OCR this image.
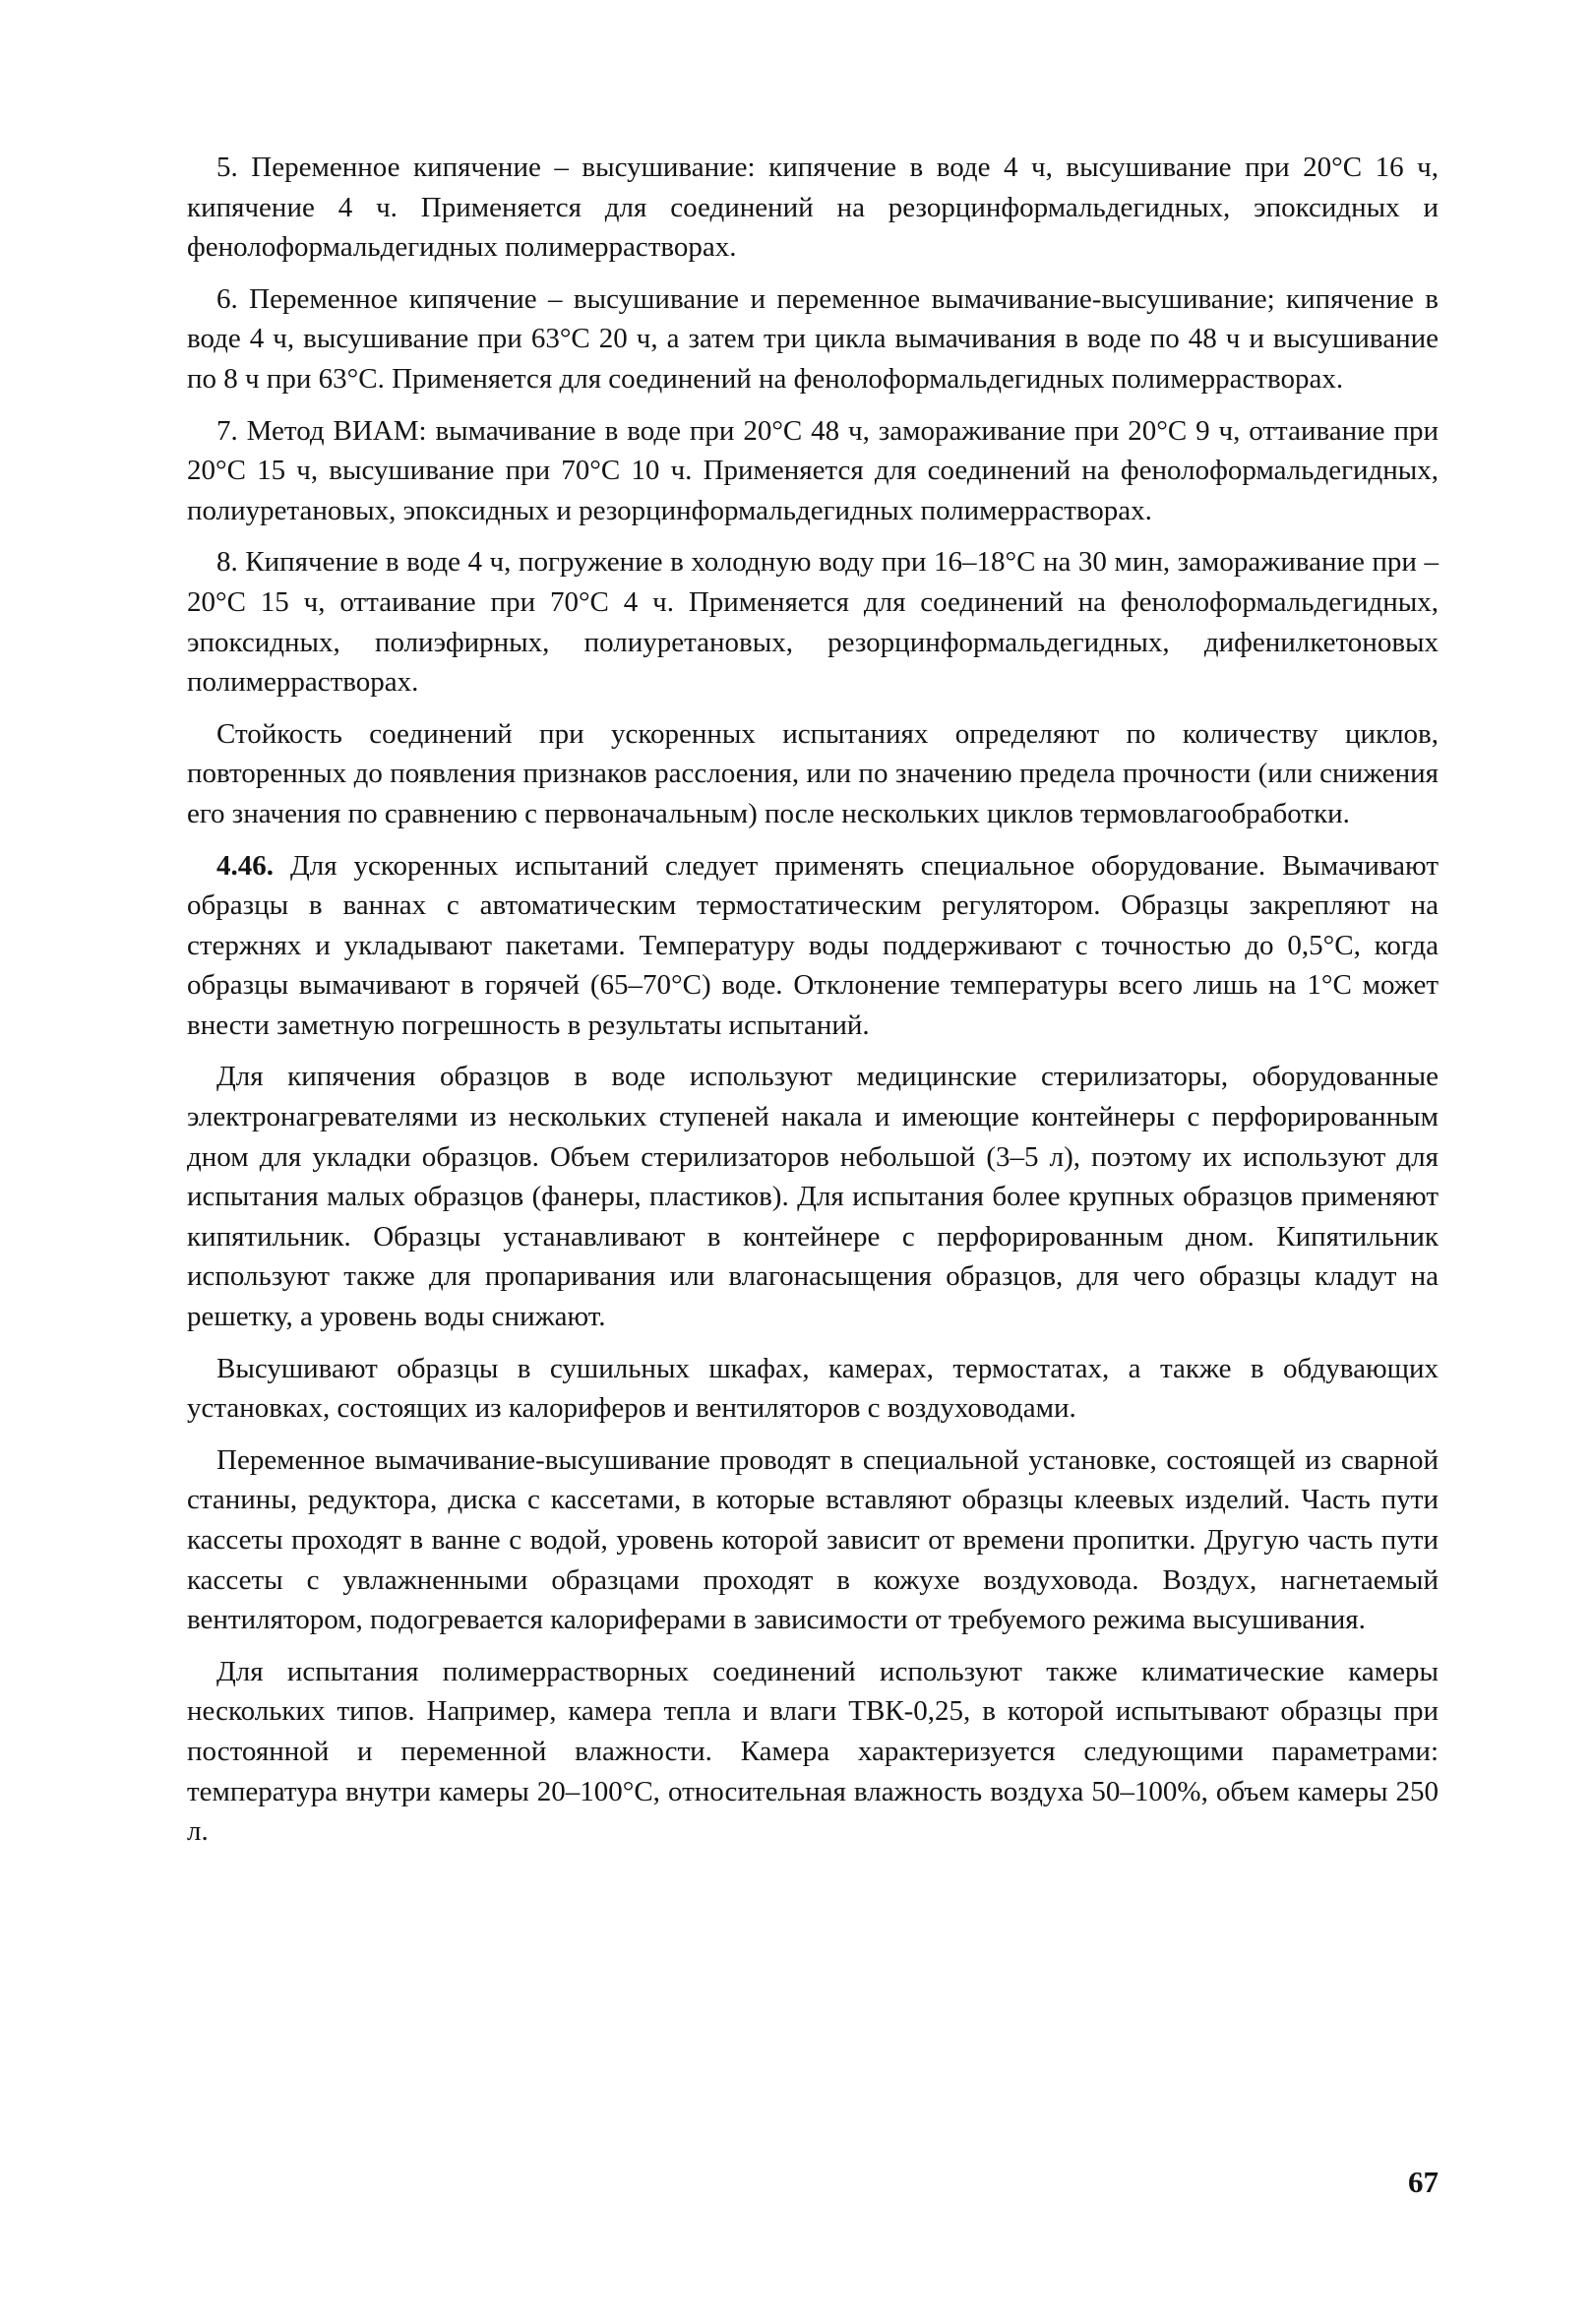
5. Переменное кипячение – высушивание: кипячение в воде 4 ч, высушивание при 20°С 16 ч, кипячение 4 ч. Применяется для соединений на резорцинформальдегидных, эпоксидных и фенолоформальдегидных полимеррастворах.

6. Переменное кипячение – высушивание и переменное вымачивание-высушивание; кипячение в воде 4 ч, высушивание при 63°С 20 ч, а затем три цикла вымачивания в воде по 48 ч и высушивание по 8 ч при 63°С. Применяется для соединений на фенолоформальдегидных полимеррастворах.

7. Метод ВИАМ: вымачивание в воде при 20°С 48 ч, замораживание при 20°С 9 ч, оттаивание при 20°С 15 ч, высушивание при 70°С 10 ч. Применяется для соединений на фенолоформальдегидных, полиуретановых, эпоксидных и резорцинформальдегидных полимеррастворах.

8. Кипячение в воде 4 ч, погружение в холодную воду при 16–18°С на 30 мин, замораживание при –20°С 15 ч, оттаивание при 70°С 4 ч. Применяется для соединений на фенолоформальдегидных, эпоксидных, полиэфирных, полиуретановых, резорцинформальдегидных, дифенилкетоновых полимеррастворах.

Стойкость соединений при ускоренных испытаниях определяют по количеству циклов, повторенных до появления признаков расслоения, или по значению предела прочности (или снижения его значения по сравнению с первоначальным) после нескольких циклов термовлагообработки.

4.46. Для ускоренных испытаний следует применять специальное оборудование. Вымачивают образцы в ваннах с автоматическим термостатическим регулятором. Образцы закрепляют на стержнях и укладывают пакетами. Температуру воды поддерживают с точностью до 0,5°С, когда образцы вымачивают в горячей (65–70°С) воде. Отклонение температуры всего лишь на 1°С может внести заметную погрешность в результаты испытаний.

Для кипячения образцов в воде используют медицинские стерилизаторы, оборудованные электронагревателями из нескольких ступеней накала и имеющие контейнеры с перфорированным дном для укладки образцов. Объем стерилизаторов небольшой (3–5 л), поэтому их используют для испытания малых образцов (фанеры, пластиков). Для испытания более крупных образцов применяют кипятильник. Образцы устанавливают в контейнере с перфорированным дном. Кипятильник используют также для пропаривания или влагонасыщения образцов, для чего образцы кладут на решетку, а уровень воды снижают.

Высушивают образцы в сушильных шкафах, камерах, термостатах, а также в обдувающих установках, состоящих из калориферов и вентиляторов с воздуховодами.

Переменное вымачивание-высушивание проводят в специальной установке, состоящей из сварной станины, редуктора, диска с кассетами, в которые вставляют образцы клеевых изделий. Часть пути кассеты проходят в ванне с водой, уровень которой зависит от времени пропитки. Другую часть пути кассеты с увлажненными образцами проходят в кожухе воздуховода. Воздух, нагнетаемый вентилятором, подогревается калориферами в зависимости от требуемого режима высушивания.

Для испытания полимеррастворных соединений используют также климатические камеры нескольких типов. Например, камера тепла и влаги ТВК-0,25, в которой испытывают образцы при постоянной и переменной влажности. Камера характеризуется следующими параметрами: температура внутри камеры 20–100°С, относительная влажность воздуха 50–100%, объем камеры 250 л.

67
